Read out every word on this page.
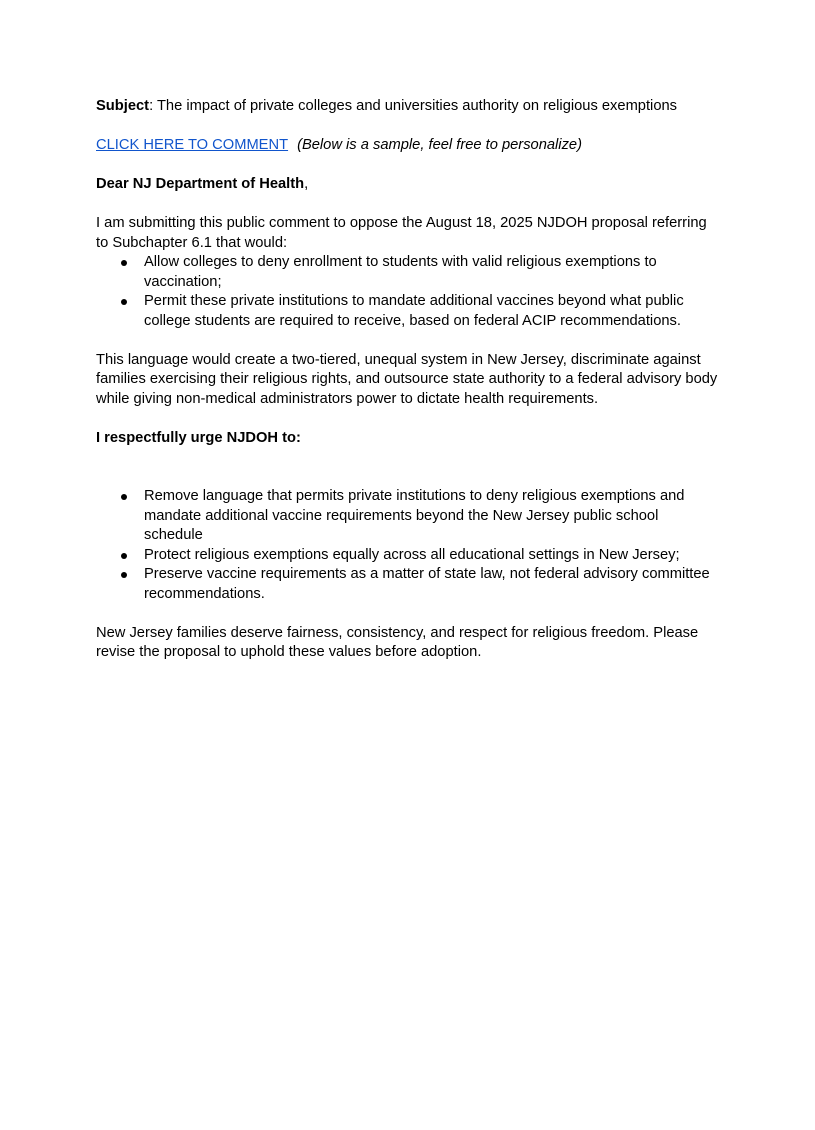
Subject: The impact of private colleges and universities authority on religious exemptions

CLICK HERE TO COMMENT (Below is a sample, feel free to personalize)

Dear NJ Department of Health,

I am submitting this public comment to oppose the August 18, 2025 NJDOH proposal referring to Subchapter 6.1 that would:

Allow colleges to deny enrollment to students with valid religious exemptions to vaccination;
Permit these private institutions to mandate additional vaccines beyond what public college students are required to receive, based on federal ACIP recommendations.

This language would create a two-tiered, unequal system in New Jersey, discriminate against families exercising their religious rights, and outsource state authority to a federal advisory body while giving non-medical administrators power to dictate health requirements.

I respectfully urge NJDOH to:

Remove language that permits private institutions to deny religious exemptions and mandate additional vaccine requirements beyond the New Jersey public school schedule
Protect religious exemptions equally across all educational settings in New Jersey;
Preserve vaccine requirements as a matter of state law, not federal advisory committee recommendations.

New Jersey families deserve fairness, consistency, and respect for religious freedom. Please revise the proposal to uphold these values before adoption.
